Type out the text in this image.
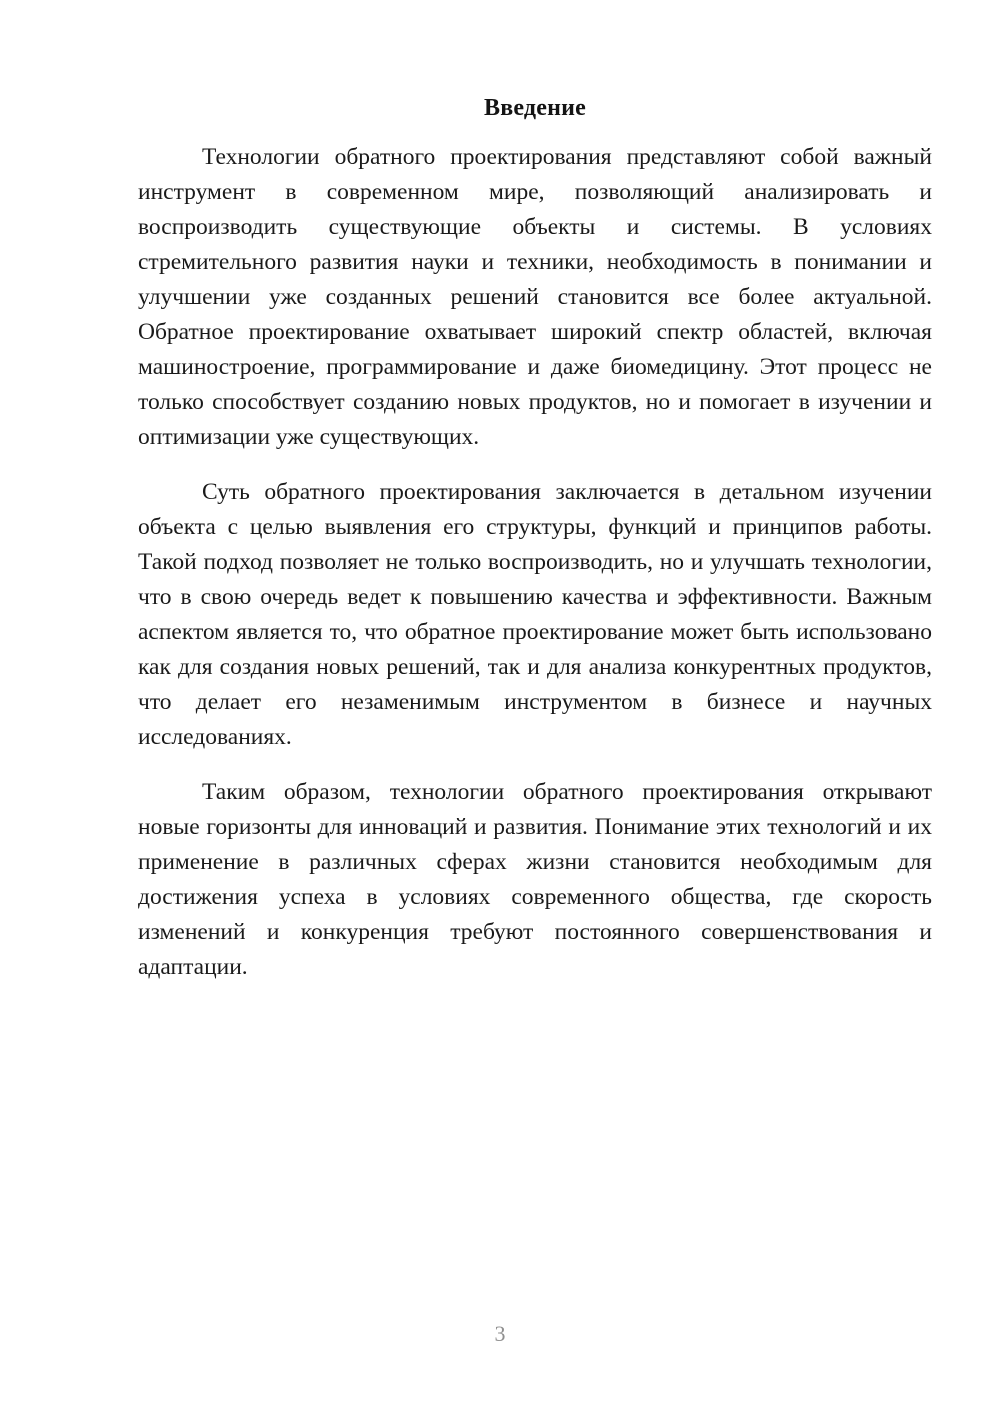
Введение

Технологии обратного проектирования представляют собой важный инструмент в современном мире, позволяющий анализировать и воспроизводить существующие объекты и системы. В условиях стремительного развития науки и техники, необходимость в понимании и улучшении уже созданных решений становится все более актуальной. Обратное проектирование охватывает широкий спектр областей, включая машиностроение, программирование и даже биомедицину. Этот процесс не только способствует созданию новых продуктов, но и помогает в изучении и оптимизации уже существующих.

Суть обратного проектирования заключается в детальном изучении объекта с целью выявления его структуры, функций и принципов работы. Такой подход позволяет не только воспроизводить, но и улучшать технологии, что в свою очередь ведет к повышению качества и эффективности. Важным аспектом является то, что обратное проектирование может быть использовано как для создания новых решений, так и для анализа конкурентных продуктов, что делает его незаменимым инструментом в бизнесе и научных исследованиях.

Таким образом, технологии обратного проектирования открывают новые горизонты для инноваций и развития. Понимание этих технологий и их применение в различных сферах жизни становится необходимым для достижения успеха в условиях современного общества, где скорость изменений и конкуренция требуют постоянного совершенствования и адаптации.

3
